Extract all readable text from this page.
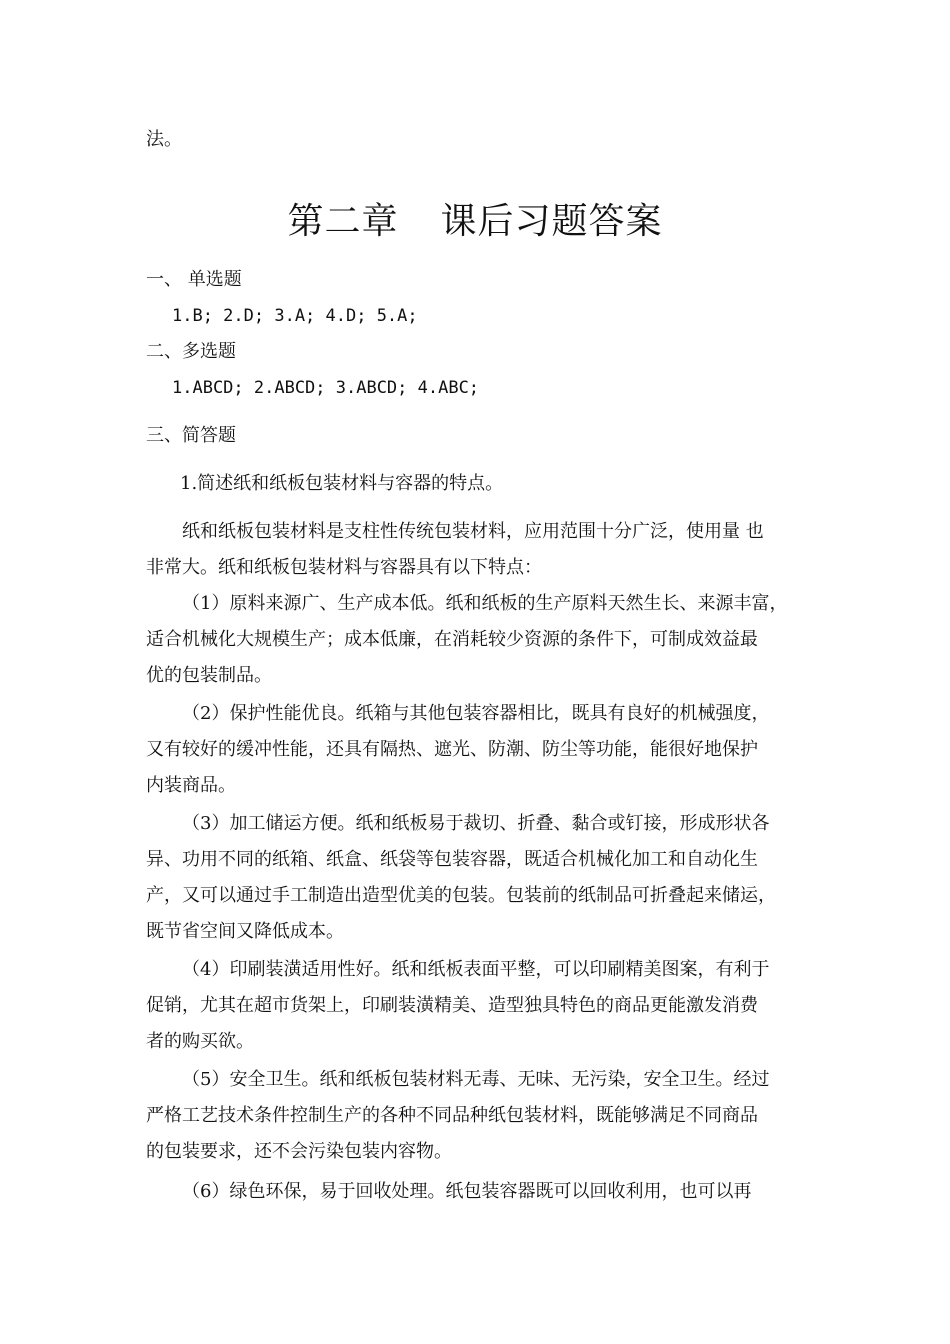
法。
第二章 课后习题答案
一、 单选题
1.B; 2.D; 3.A; 4.D; 5.A;
二、多选题
1.ABCD; 2.ABCD; 3.ABCD; 4.ABC;
三、简答题
1.简述纸和纸板包装材料与容器的特点。
纸和纸板包装材料是支柱性传统包装材料，应用范围十分广泛，使用量 也
非常大。纸和纸板包装材料与容器具有以下特点：
（1）原料来源广、生产成本低。纸和纸板的生产原料天然生长、来源丰富，
适合机械化大规模生产；成本低廉，在消耗较少资源的条件下，可制成效益最
优的包装制品。
（2）保护性能优良。纸箱与其他包装容器相比，既具有良好的机械强度，
又有较好的缓冲性能，还具有隔热、遮光、防潮、防尘等功能，能很好地保护
内装商品。
（3）加工储运方便。纸和纸板易于裁切、折叠、黏合或钉接，形成形状各
异、功用不同的纸箱、纸盒、纸袋等包装容器，既适合机械化加工和自动化生
产，又可以通过手工制造出造型优美的包装。包装前的纸制品可折叠起来储运，
既节省空间又降低成本。
（4）印刷装潢适用性好。纸和纸板表面平整，可以印刷精美图案，有利于
促销，尤其在超市货架上，印刷装潢精美、造型独具特色的商品更能激发消费
者的购买欲。
（5）安全卫生。纸和纸板包装材料无毒、无味、无污染，安全卫生。经过
严格工艺技术条件控制生产的各种不同品种纸包装材料，既能够满足不同商品
的包装要求，还不会污染包装内容物。
（6）绿色环保，易于回收处理。纸包装容器既可以回收利用，也可以再
